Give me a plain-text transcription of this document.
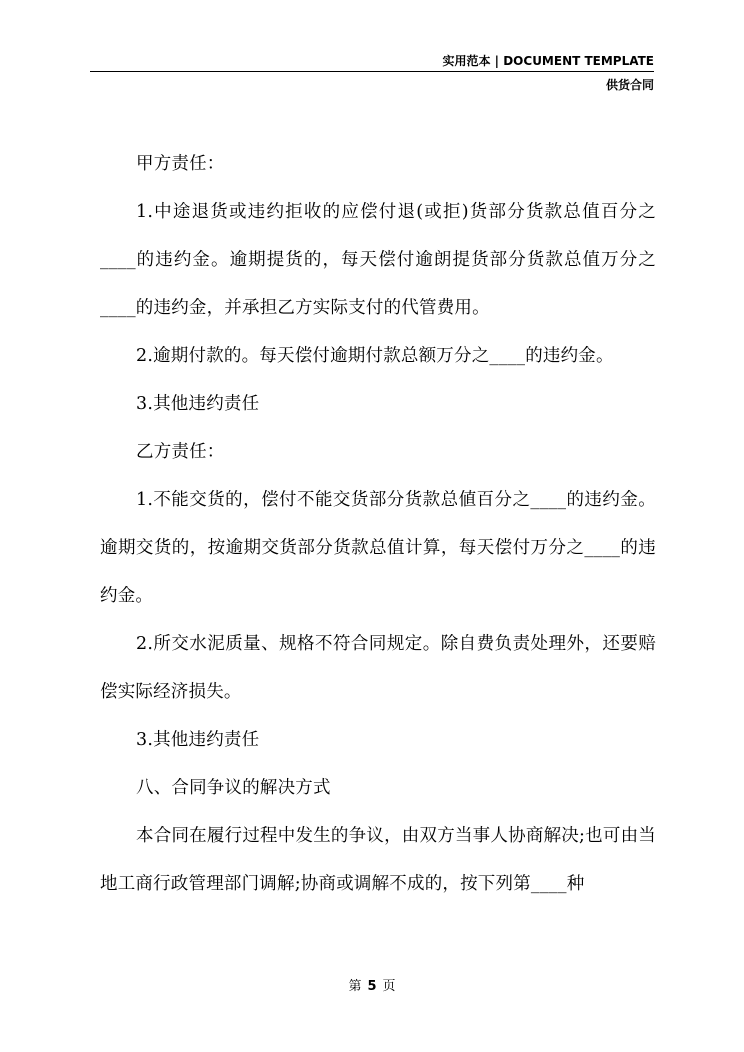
实用范本 | DOCUMENT TEMPLATE
供货合同

甲方责任：

1.中途退货或违约拒收的应偿付退(或拒)货部分货款总值百分之____的违约金。逾期提货的，每天偿付逾朗提货部分货款总值万分之____的违约金，并承担乙方实际支付的代管费用。

2.逾期付款的。每天偿付逾期付款总额万分之____的违约金。

3.其他违约责任

乙方责任：

1.不能交货的，偿付不能交货部分货款总値百分之____的违约金。逾期交货的，按逾期交货部分货款总值计算，每天偿付万分之____的违约金。

2.所交水泥质量、规格不符合同规定。除自费负责处理外，还要赔偿实际经济损失。

3.其他违约责任

八、合同争议的解决方式

本合同在履行过程中发生的争议，由双方当事人协商解决;也可由当地工商行政管理部门调解;协商或调解不成的，按下列第____种

第 5 页
